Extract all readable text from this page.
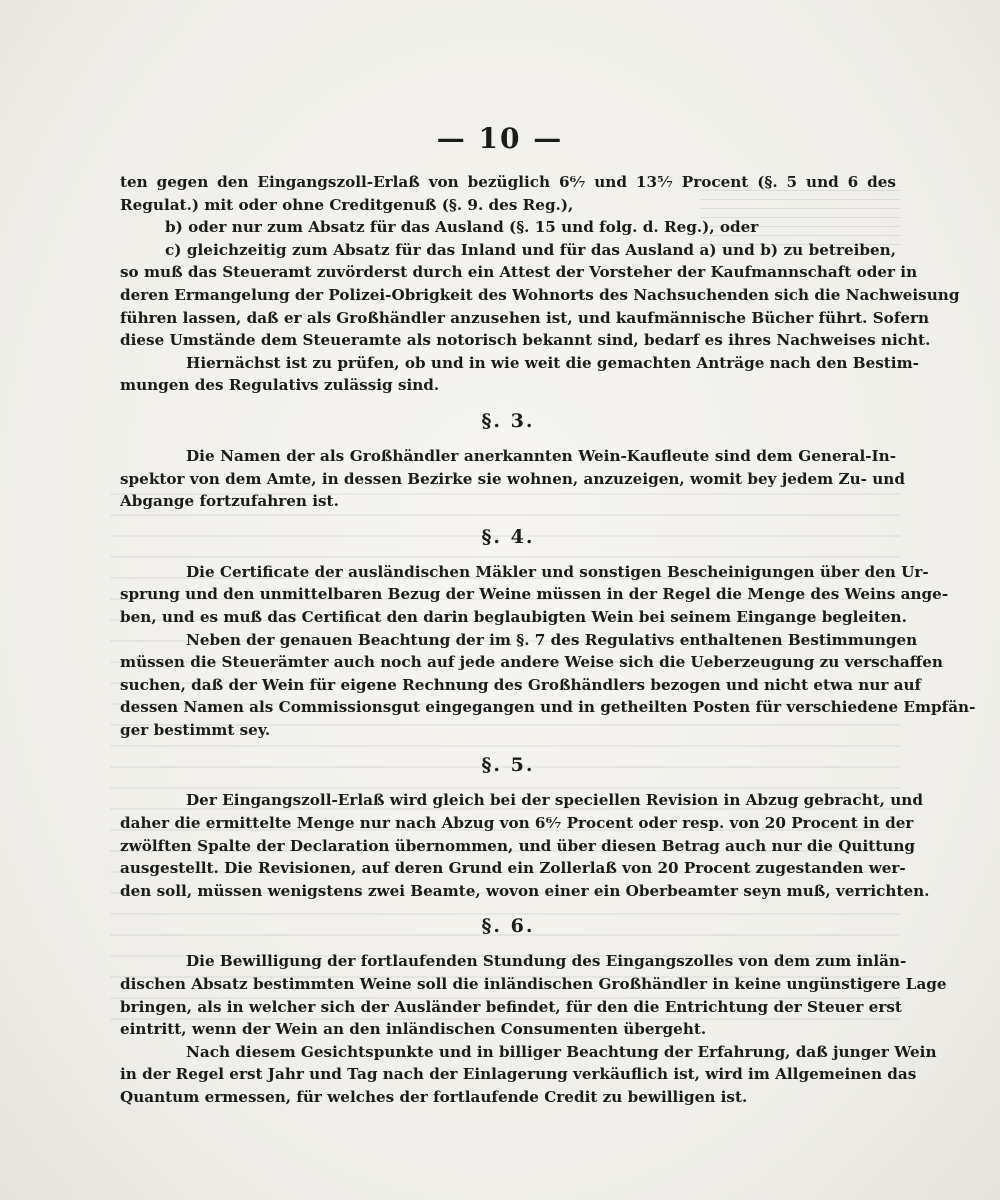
— 10 —
ten gegen den Eingangszoll-Erlaß von bezüglich 6⁶⁄₇ und 13⁵⁄₇ Procent (§. 5 und 6 des
Regulat.) mit oder ohne Creditgenuß (§. 9. des Reg.),
b) oder nur zum Absatz für das Ausland (§. 15 und folg. d. Reg.), oder
c) gleichzeitig zum Absatz für das Inland und für das Ausland a) und b) zu betreiben,
so muß das Steueramt zuvörderst durch ein Attest der Vorsteher der Kaufmannschaft oder in
deren Ermangelung der Polizei-Obrigkeit des Wohnorts des Nachsuchenden sich die Nachweisung
führen lassen, daß er als Großhändler anzusehen ist, und kaufmännische Bücher führt. Sofern
diese Umstände dem Steueramte als notorisch bekannt sind, bedarf es ihres Nachweises nicht.
Hiernächst ist zu prüfen, ob und in wie weit die gemachten Anträge nach den Bestim-
mungen des Regulativs zulässig sind.
§. 3.
Die Namen der als Großhändler anerkannten Wein-Kaufleute sind dem General-In-
spektor von dem Amte, in dessen Bezirke sie wohnen, anzuzeigen, womit bey jedem Zu- und
Abgange fortzufahren ist.
§. 4.
Die Certificate der ausländischen Mäkler und sonstigen Bescheinigungen über den Ur-
sprung und den unmittelbaren Bezug der Weine müssen in der Regel die Menge des Weins ange-
ben, und es muß das Certificat den darin beglaubigten Wein bei seinem Eingange begleiten.
Neben der genauen Beachtung der im §. 7 des Regulativs enthaltenen Bestimmungen
müssen die Steuerämter auch noch auf jede andere Weise sich die Ueberzeugung zu verschaffen
suchen, daß der Wein für eigene Rechnung des Großhändlers bezogen und nicht etwa nur auf
dessen Namen als Commissionsgut eingegangen und in getheilten Posten für verschiedene Empfän-
ger bestimmt sey.
§. 5.
Der Eingangszoll-Erlaß wird gleich bei der speciellen Revision in Abzug gebracht, und
daher die ermittelte Menge nur nach Abzug von 6⁶⁄₇ Procent oder resp. von 20 Procent in der
zwölften Spalte der Declaration übernommen, und über diesen Betrag auch nur die Quittung
ausgestellt. Die Revisionen, auf deren Grund ein Zollerlaß von 20 Procent zugestanden wer-
den soll, müssen wenigstens zwei Beamte, wovon einer ein Oberbeamter seyn muß, verrichten.
§. 6.
Die Bewilligung der fortlaufenden Stundung des Eingangszolles von dem zum inlän-
dischen Absatz bestimmten Weine soll die inländischen Großhändler in keine ungünstigere Lage
bringen, als in welcher sich der Ausländer befindet, für den die Entrichtung der Steuer erst
eintritt, wenn der Wein an den inländischen Consumenten übergeht.
Nach diesem Gesichtspunkte und in billiger Beachtung der Erfahrung, daß junger Wein
in der Regel erst Jahr und Tag nach der Einlagerung verkäuflich ist, wird im Allgemeinen das
Quantum ermessen, für welches der fortlaufende Credit zu bewilligen ist.
